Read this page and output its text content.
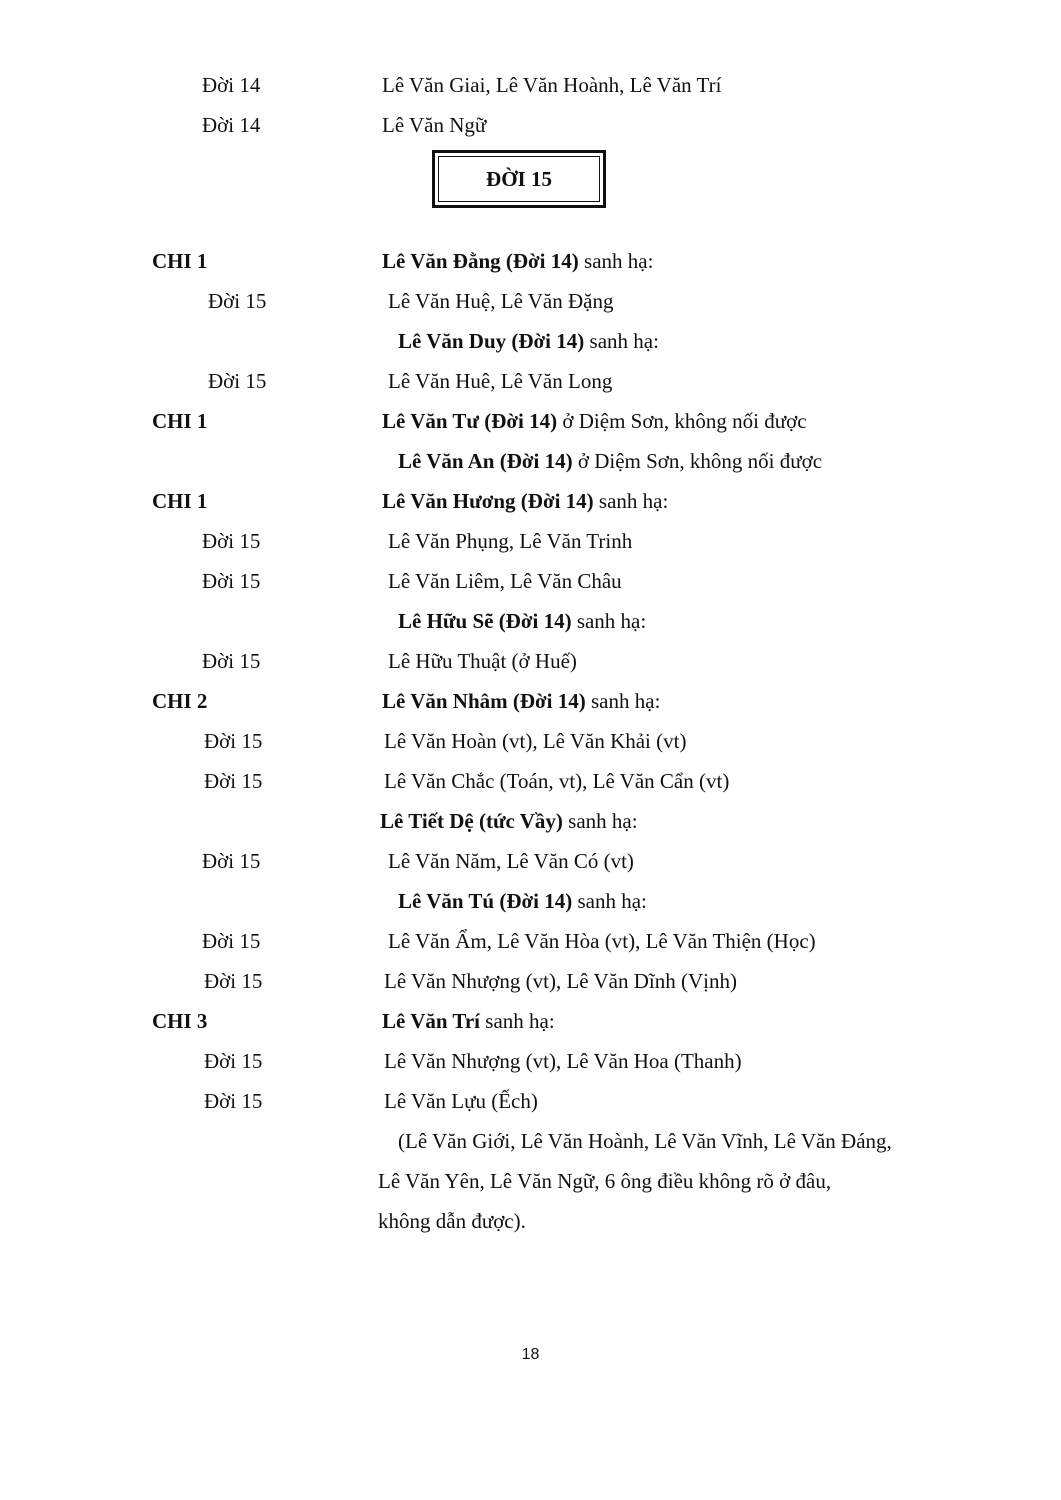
ĐỜI 15
Đời 14	Lê Văn Giai, Lê Văn Hoành, Lê Văn Trí
Đời 14	Lê Văn Ngữ
CHI 1	Lê Văn Đằng (Đời 14) sanh hạ:
Đời 15	Lê Văn Huệ, Lê Văn Đặng
Lê Văn Duy (Đời 14) sanh hạ:
Đời 15	Lê Văn Huê, Lê Văn Long
CHI 1	Lê Văn Tư (Đời 14) ở Diệm Sơn, không nối được
Lê Văn An (Đời 14) ở Diệm Sơn, không nối được
CHI 1	Lê Văn Hương (Đời 14) sanh hạ:
Đời 15	Lê Văn Phụng, Lê Văn Trinh
Đời 15	Lê Văn Liêm, Lê Văn Châu
Lê Hữu Sẽ (Đời 14) sanh hạ:
Đời 15	Lê Hữu Thuật (ở Huế)
CHI 2	Lê Văn Nhâm (Đời 14) sanh hạ:
Đời 15	Lê Văn Hoàn (vt), Lê Văn Khải (vt)
Đời 15	Lê Văn Chắc (Toán, vt), Lê Văn Cẩn (vt)
Lê Tiết Dệ (tức Vầy) sanh hạ:
Đời 15	Lê Văn Năm, Lê Văn Có (vt)
Lê Văn Tú (Đời 14) sanh hạ:
Đời 15	Lê Văn Ẩm, Lê Văn Hòa (vt), Lê Văn Thiện (Học)
Đời 15	Lê Văn Nhượng (vt), Lê Văn Dĩnh (Vịnh)
CHI 3	Lê Văn Trí sanh hạ:
Đời 15	Lê Văn Nhượng (vt), Lê Văn Hoa (Thanh)
Đời 15	Lê Văn Lựu (Ếch)
(Lê Văn Giới, Lê Văn Hoành, Lê Văn Vĩnh, Lê Văn Đáng,
Lê Văn Yên, Lê Văn Ngữ, 6 ông điều không rõ ở đâu,
không dẫn được).
18
